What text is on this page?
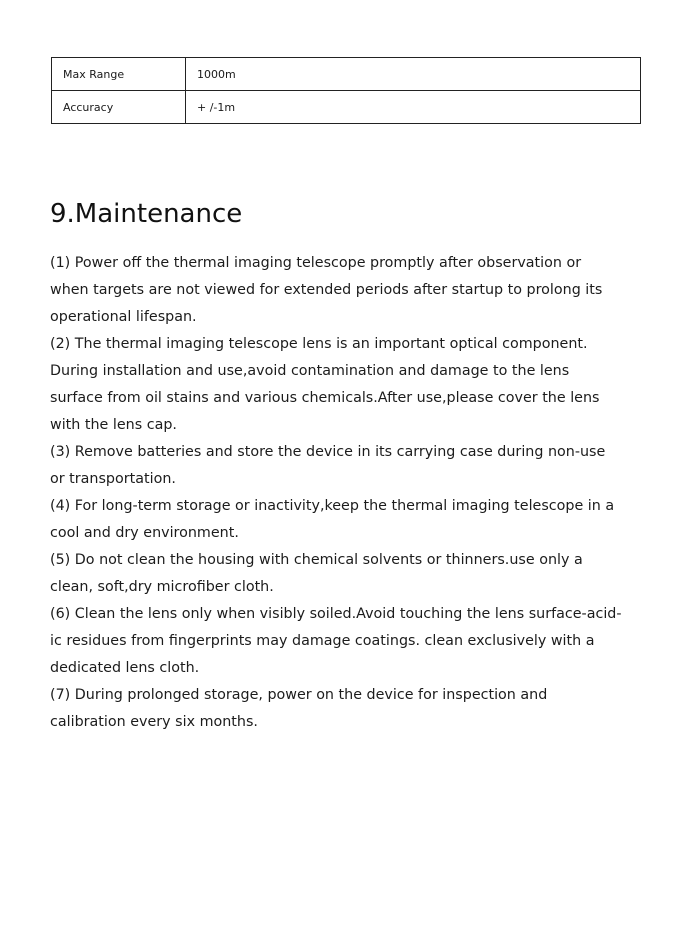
Max Range	1000m
Accuracy	+ /-1m
9.Maintenance
(1) Power off the thermal imaging telescope promptly after observation or
when targets are not viewed for extended periods after startup to prolong its
operational lifespan.
(2) The thermal imaging telescope lens is an important optical component.
During installation and use,avoid contamination and damage to the lens
surface from oil stains and various chemicals.After use,please cover the lens
with the lens cap.
(3) Remove batteries and store the device in its carrying case during non-use
or transportation.
(4) For long-term storage or inactivity,keep the thermal imaging telescope in a
cool and dry environment.
(5) Do not clean the housing with chemical solvents or thinners.use only a
clean, soft,dry microfiber cloth.
(6) Clean the lens only when visibly soiled.Avoid touching the lens surface-acid-
ic residues from fingerprints may damage coatings. clean exclusively with a
dedicated lens cloth.
(7) During prolonged storage, power on the device for inspection and
calibration every six months.
